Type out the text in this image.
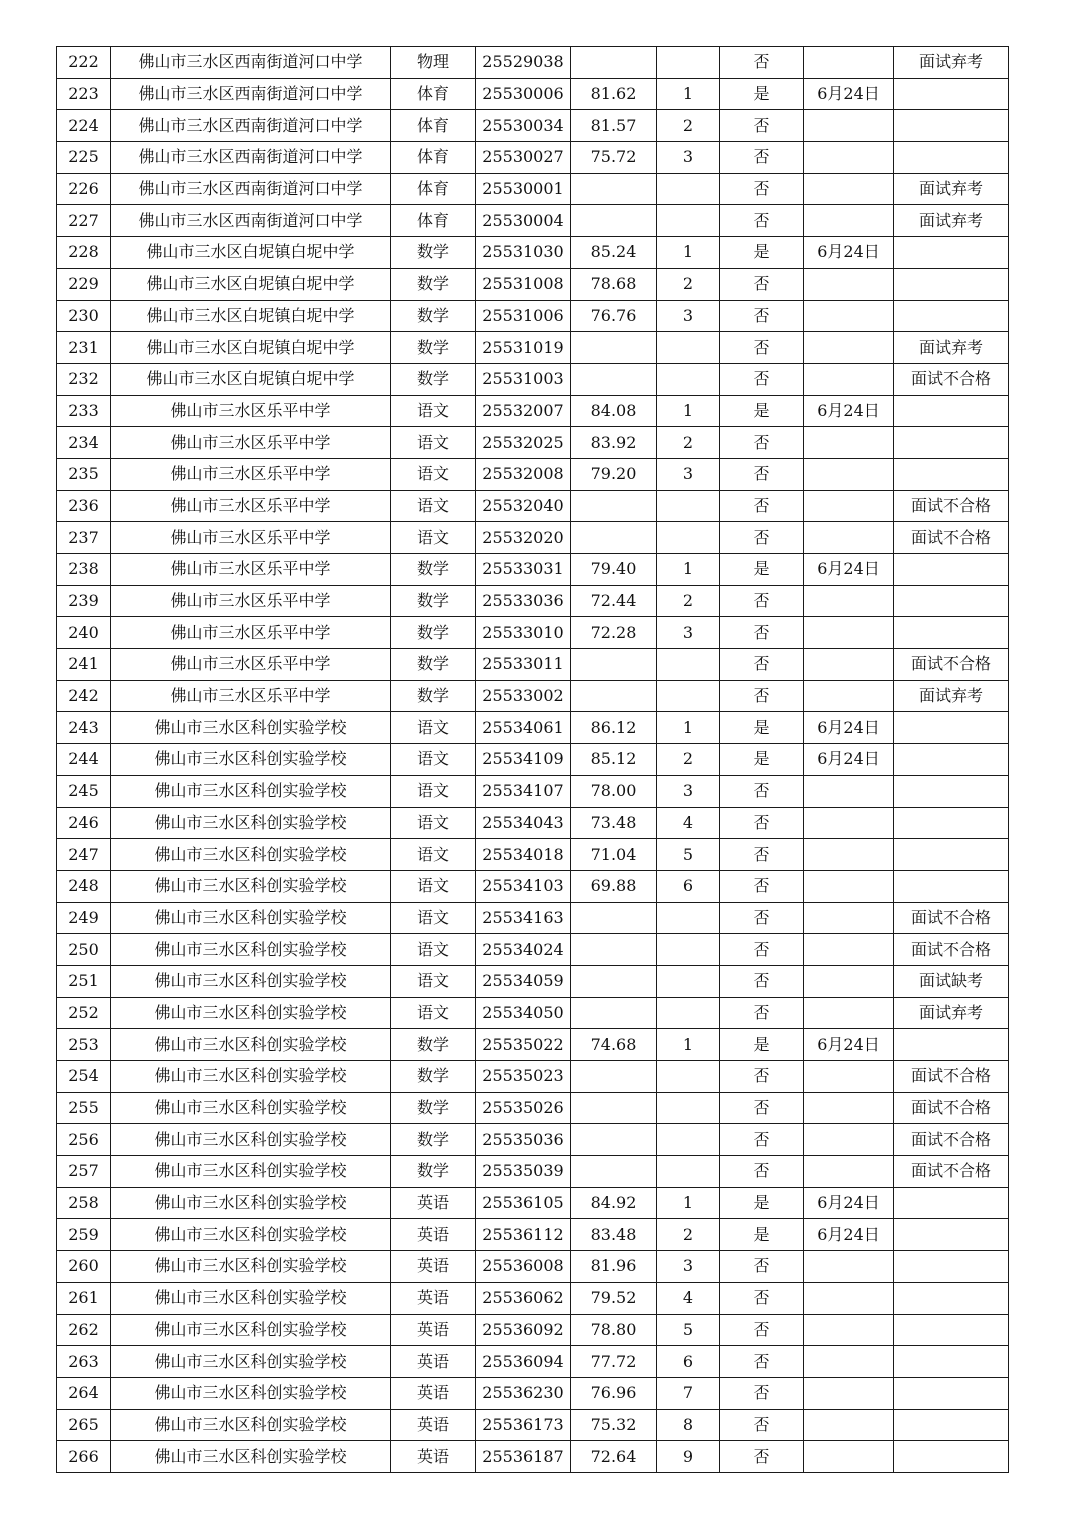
222	佛山市三水区西南街道河口中学	物理	25529038			否		面试弃考
223	佛山市三水区西南街道河口中学	体育	25530006	81.62	1	是	6月24日	
224	佛山市三水区西南街道河口中学	体育	25530034	81.57	2	否		
225	佛山市三水区西南街道河口中学	体育	25530027	75.72	3	否		
226	佛山市三水区西南街道河口中学	体育	25530001			否		面试弃考
227	佛山市三水区西南街道河口中学	体育	25530004			否		面试弃考
228	佛山市三水区白坭镇白坭中学	数学	25531030	85.24	1	是	6月24日	
229	佛山市三水区白坭镇白坭中学	数学	25531008	78.68	2	否		
230	佛山市三水区白坭镇白坭中学	数学	25531006	76.76	3	否		
231	佛山市三水区白坭镇白坭中学	数学	25531019			否		面试弃考
232	佛山市三水区白坭镇白坭中学	数学	25531003			否		面试不合格
233	佛山市三水区乐平中学	语文	25532007	84.08	1	是	6月24日	
234	佛山市三水区乐平中学	语文	25532025	83.92	2	否		
235	佛山市三水区乐平中学	语文	25532008	79.20	3	否		
236	佛山市三水区乐平中学	语文	25532040			否		面试不合格
237	佛山市三水区乐平中学	语文	25532020			否		面试不合格
238	佛山市三水区乐平中学	数学	25533031	79.40	1	是	6月24日	
239	佛山市三水区乐平中学	数学	25533036	72.44	2	否		
240	佛山市三水区乐平中学	数学	25533010	72.28	3	否		
241	佛山市三水区乐平中学	数学	25533011			否		面试不合格
242	佛山市三水区乐平中学	数学	25533002			否		面试弃考
243	佛山市三水区科创实验学校	语文	25534061	86.12	1	是	6月24日	
244	佛山市三水区科创实验学校	语文	25534109	85.12	2	是	6月24日	
245	佛山市三水区科创实验学校	语文	25534107	78.00	3	否		
246	佛山市三水区科创实验学校	语文	25534043	73.48	4	否		
247	佛山市三水区科创实验学校	语文	25534018	71.04	5	否		
248	佛山市三水区科创实验学校	语文	25534103	69.88	6	否		
249	佛山市三水区科创实验学校	语文	25534163			否		面试不合格
250	佛山市三水区科创实验学校	语文	25534024			否		面试不合格
251	佛山市三水区科创实验学校	语文	25534059			否		面试缺考
252	佛山市三水区科创实验学校	语文	25534050			否		面试弃考
253	佛山市三水区科创实验学校	数学	25535022	74.68	1	是	6月24日	
254	佛山市三水区科创实验学校	数学	25535023			否		面试不合格
255	佛山市三水区科创实验学校	数学	25535026			否		面试不合格
256	佛山市三水区科创实验学校	数学	25535036			否		面试不合格
257	佛山市三水区科创实验学校	数学	25535039			否		面试不合格
258	佛山市三水区科创实验学校	英语	25536105	84.92	1	是	6月24日	
259	佛山市三水区科创实验学校	英语	25536112	83.48	2	是	6月24日	
260	佛山市三水区科创实验学校	英语	25536008	81.96	3	否		
261	佛山市三水区科创实验学校	英语	25536062	79.52	4	否		
262	佛山市三水区科创实验学校	英语	25536092	78.80	5	否		
263	佛山市三水区科创实验学校	英语	25536094	77.72	6	否		
264	佛山市三水区科创实验学校	英语	25536230	76.96	7	否		
265	佛山市三水区科创实验学校	英语	25536173	75.32	8	否		
266	佛山市三水区科创实验学校	英语	25536187	72.64	9	否		
